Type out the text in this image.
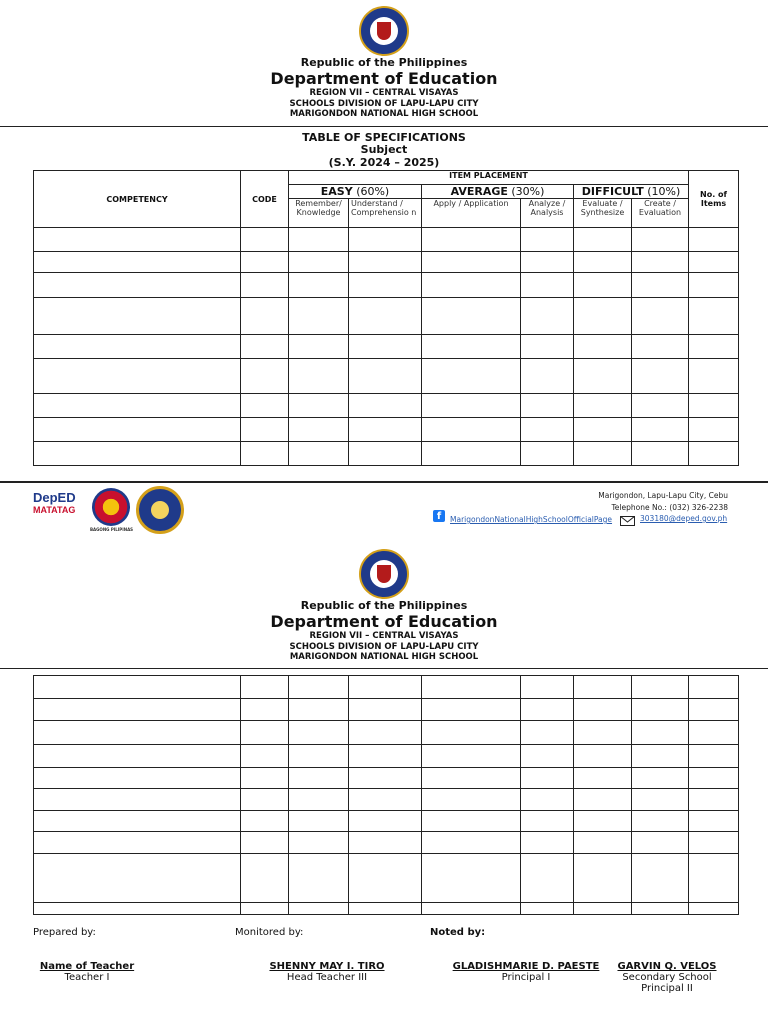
Republic of the Philippines
Department of Education
REGION VII – CENTRAL VISAYAS
SCHOOLS DIVISION OF LAPU-LAPU CITY
MARIGONDON NATIONAL HIGH SCHOOL
TABLE OF SPECIFICATIONS
Subject
(S.Y. 2024 – 2025)
COMPETENCY	CODE	ITEM PLACEMENT						No. of Items
		EASY (60%)		AVERAGE (30%)		DIFFICULT (10%)		
		Remember/ Knowledge	Understand / Comprehensio n	Apply / Application	Analyze / Analysis	Evaluate / Synthesize	Create / Evaluation	

DepED
MATATAG
BAGONG PILIPINAS
Marigondon, Lapu-Lapu City, Cebu
Telephone No.: (032) 326-2238
f	MarigondonNationalHighSchoolOfficialPage	303180@deped.gov.ph
Republic of the Philippines
Department of Education
REGION VII – CENTRAL VISAYAS
SCHOOLS DIVISION OF LAPU-LAPU CITY
MARIGONDON NATIONAL HIGH SCHOOL

Prepared by:	Monitored by:	Noted by:
Name of Teacher
Teacher I
SHENNY MAY I. TIRO
Head Teacher III
GLADISHMARIE D. PAESTE
Principal I
GARVIN Q. VELOS
Secondary School
Principal II
